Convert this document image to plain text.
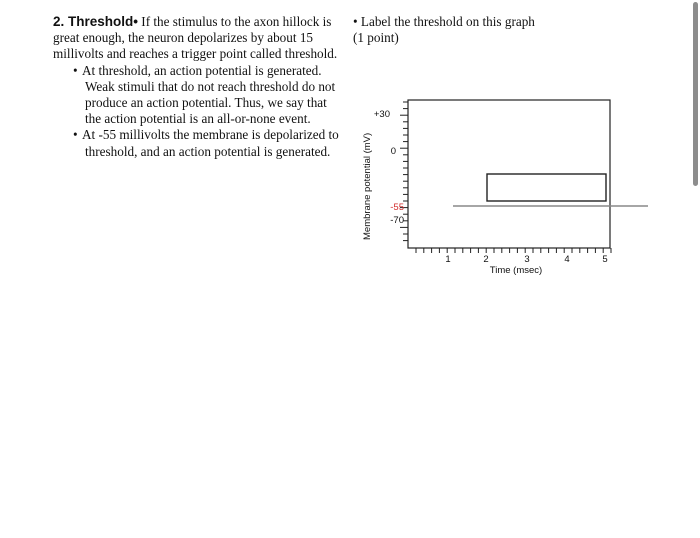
2. Threshold• If the stimulus to the axon hillock is great enough, the neuron depolarizes by about 15 millivolts and reaches a trigger point called threshold.

• At threshold, an action potential is generated. Weak stimuli that do not reach threshold do not produce an action potential. Thus, we say that the action potential is an all-or-none event.

• At -55 millivolts the membrane is depolarized to threshold, and an action potential is generated.

• Label the threshold on this graph

(1 point)

Membrane potential (mV)
+30
0
-55
-70
1	2	3	4	5
Time (msec)
